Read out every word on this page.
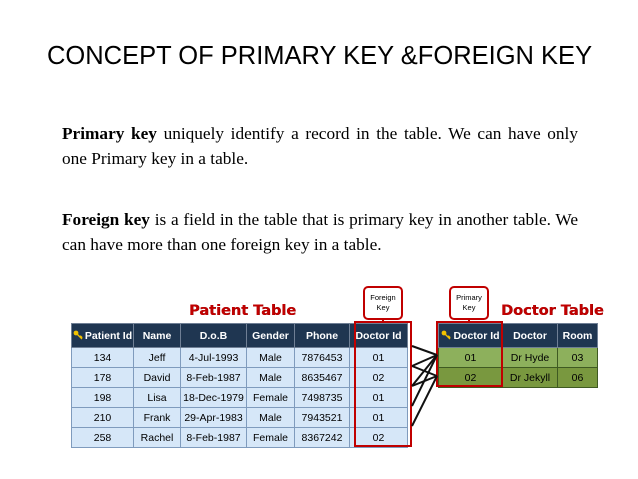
CONCEPT OF PRIMARY KEY &FOREIGN KEY
Primary key uniquely identify a record in the table. We can have only one Primary key in a table.
Foreign key is a field in the table that is primary key in another table. We can have more than one foreign key in a table.
Patient Table	Doctor Table
Foreign
Key
Primary
Key
Patient Id	Name	D.o.B	Gender	Phone	Doctor Id
134	Jeff	4-Jul-1993	Male	7876453	01
178	David	8-Feb-1987	Male	8635467	02
198	Lisa	18-Dec-1979	Female	7498735	01
210	Frank	29-Apr-1983	Male	7943521	01
258	Rachel	8-Feb-1987	Female	8367242	02
Doctor Id	Doctor	Room
01	Dr Hyde	03
02	Dr Jekyll	06
